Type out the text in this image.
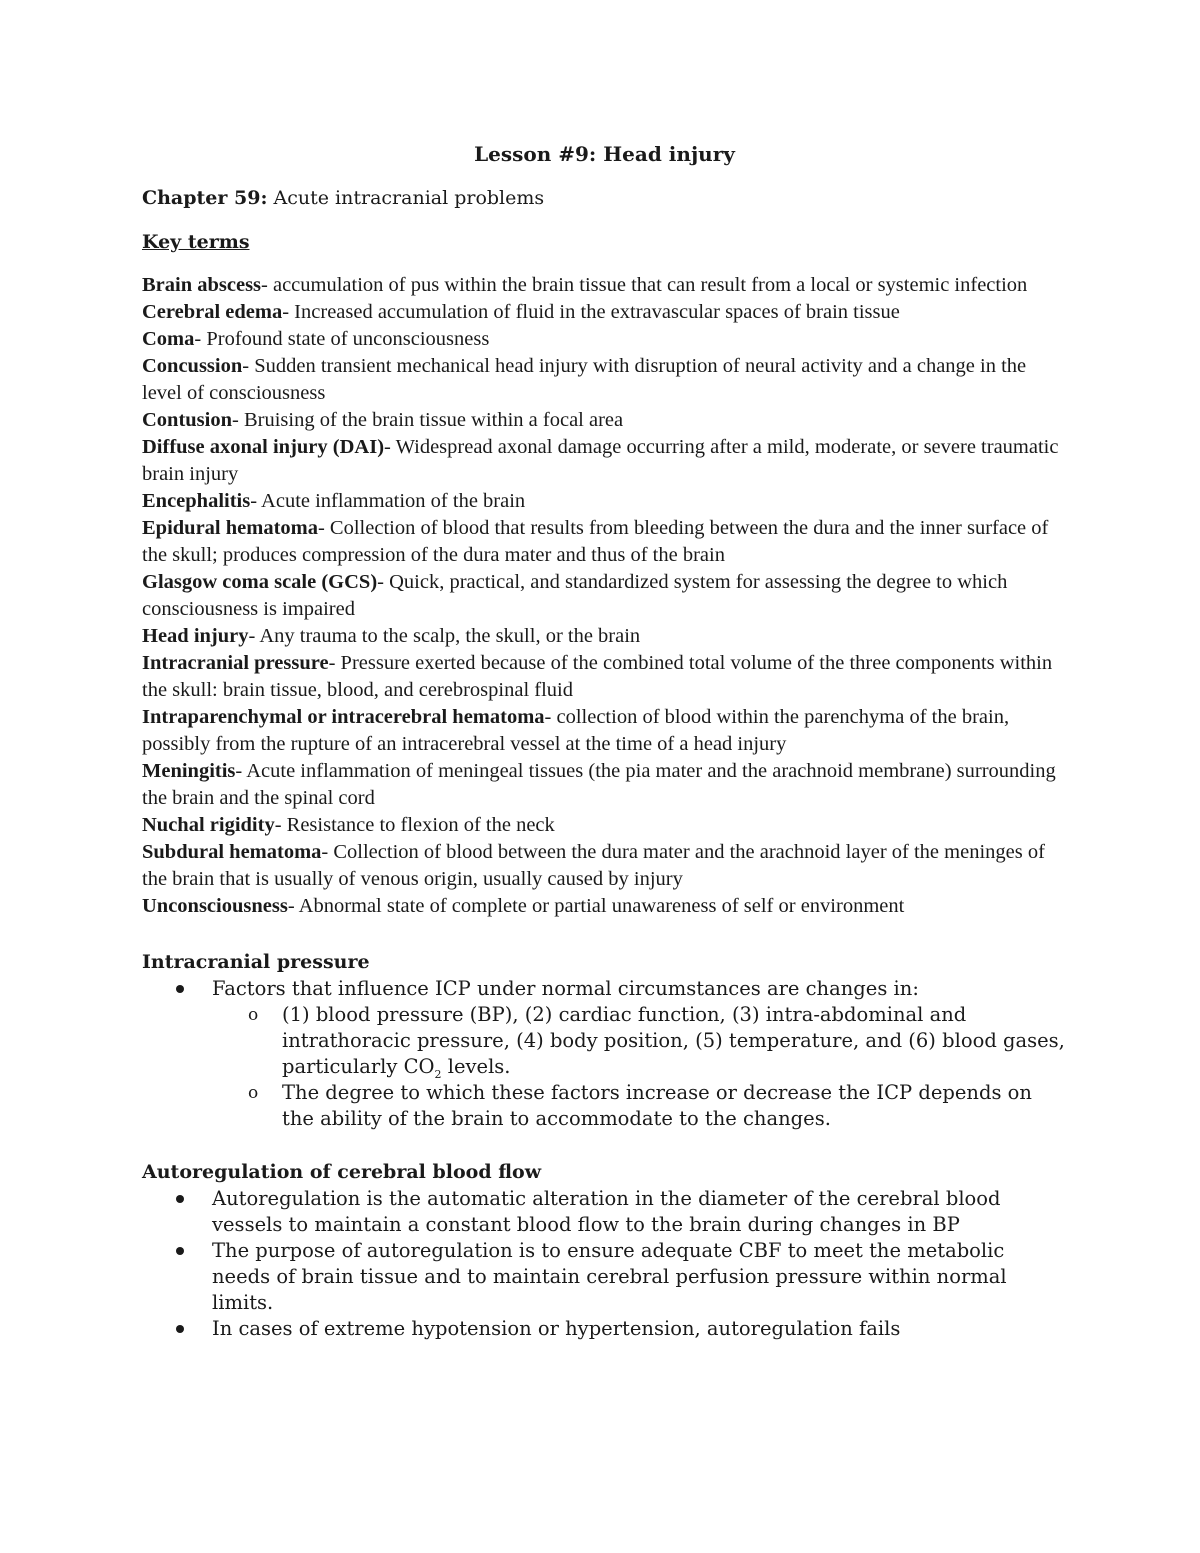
Lesson #9: Head injury
Chapter 59: Acute intracranial problems
Key terms

Brain abscess- accumulation of pus within the brain tissue that can result from a local or systemic infection

Cerebral edema- Increased accumulation of fluid in the extravascular spaces of brain tissue

Coma- Profound state of unconsciousness

Concussion- Sudden transient mechanical head injury with disruption of neural activity and a change in the level of consciousness

Contusion- Bruising of the brain tissue within a focal area

Diffuse axonal injury (DAI)- Widespread axonal damage occurring after a mild, moderate, or severe traumatic brain injury

Encephalitis- Acute inflammation of the brain

Epidural hematoma- Collection of blood that results from bleeding between the dura and the inner surface of the skull; produces compression of the dura mater and thus of the brain

Glasgow coma scale (GCS)- Quick, practical, and standardized system for assessing the degree to which consciousness is impaired

Head injury- Any trauma to the scalp, the skull, or the brain

Intracranial pressure- Pressure exerted because of the combined total volume of the three components within the skull: brain tissue, blood, and cerebrospinal fluid

Intraparenchymal or intracerebral hematoma- collection of blood within the parenchyma of the brain, possibly from the rupture of an intracerebral vessel at the time of a head injury

Meningitis- Acute inflammation of meningeal tissues (the pia mater and the arachnoid membrane) surrounding the brain and the spinal cord

Nuchal rigidity- Resistance to flexion of the neck

Subdural hematoma- Collection of blood between the dura mater and the arachnoid layer of the meninges of the brain that is usually of venous origin, usually caused by injury

Unconsciousness- Abnormal state of complete or partial unawareness of self or environment

Intracranial pressure
Factors that influence ICP under normal circumstances are changes in:
o (1) blood pressure (BP), (2) cardiac function, (3) intra-abdominal and intrathoracic pressure, (4) body position, (5) temperature, and (6) blood gases, particularly $CO_2$ levels.
o The degree to which these factors increase or decrease the ICP depends on the ability of the brain to accommodate to the changes.
Autoregulation of cerebral blood flow
Autoregulation is the automatic alteration in the diameter of the cerebral blood vessels to maintain a constant blood flow to the brain during changes in BP
The purpose of autoregulation is to ensure adequate CBF to meet the metabolic needs of brain tissue and to maintain cerebral perfusion pressure within normal limits.
In cases of extreme hypotension or hypertension, autoregulation fails
